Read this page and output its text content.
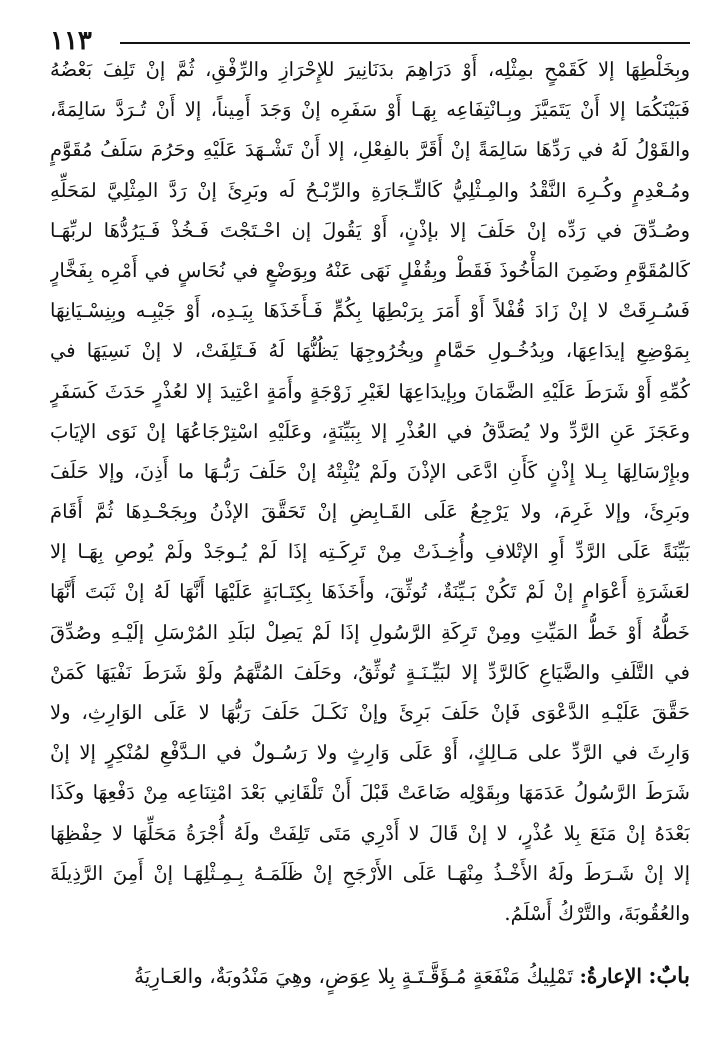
١١٣
وبِخَلْطِهَا إلا كَقَمْحٍ بمِثْلِه، أَوْ دَرَاهِمَ بدَنَانِيرَ للإِحْرَازِ والرِّفْقِ، ثُمَّ إنْ تَلِفَ بَعْضُهُ
فَبَيْنَكُمَا إلا أَنْ يَتَمَيَّزَ وبِـانْتِفَاعِه بِهَـا أَوْ سَفَرِه إنْ وَجَدَ أَمِيناً، إلا أَنْ تُـرَدَّ سَالِمَةً،
والقَوْلُ لَهُ في رَدِّهَا سَالِمَةً إنْ أَقَرَّ بالفِعْلِ، إلا أَنْ تَشْـهَدَ عَلَيْهِ وحَرُمَ سَلَفُ مُقَوَّمٍ
ومُـعْدِمٍ وكُـرِهَ النَّقْدُ والمِـثْلِيُّ كَالتِّـجَارَةِ والرِّبْـحُ لَه وبَرِئَ إنْ رَدَّ المِثْلِيَّ لمَحَلِّهِ
وصُـدِّقَ في رَدِّه إنْ حَلَفَ إلا بإذْنٍ، أَوْ يَقُولَ إن احْـتَجْتَ فَـخُذْ فَـيَرُدُّهَا لربِّهَـا
كَالمُقَوَّمِ وضَمِنَ المَأْخُوذَ فَقَطْ وبِقُفْلٍ نَهَى عَنْهُ وبِوَضْعٍ في نُحَاسٍ في أَمْرِه بِفَخَّارٍ
فَسُـرِقَتْ لا إنْ زَادَ قُفْلاً أَوْ أَمَرَ بِرَبْطِهَا بِكُمٍّ فَـأَخَذَهَا بِيَـدِه، أَوْ جَيْبِـه وبِنِسْـيَانِهَا
بِمَوْضِعِ إيدَاعِهَا، وبِدُخُـولِ حَمَّامٍ وبِخُرُوجِهَا يَظُنُّهَا لَهُ فَـتَلِفَتْ، لا إنْ نَسِيَهَا في
كُمِّهِ أَوْ شَرَطَ عَلَيْهِ الضَّمَانَ وبِإيدَاعِهَا لغَيْرِ زَوْجَةٍ وأَمَةٍ اعْتِيدَ إلا لعُذْرٍ حَدَثَ كَسَفَرٍ
وعَجَزَ عَنِ الرَّدِّ ولا يُصَدَّقُ في العُذْرِ إلا بِبَيِّنَةٍ، وعَلَيْهِ اسْتِرْجَاعُهَا إنْ نَوَى الإيَابَ
وبإِرْسَالِهَا بِـلا إِذْنٍ كَأَنِ ادَّعَى الإذْنَ ولَمْ يُثْبِتْهُ إنْ حَلَفَ رَبُّـهَا ما أَذِنَ، وإلا حَلَفَ
وبَرِئَ، وإلا غَرِمَ، ولا يَرْجِعُ عَلَى القَـابِضِ إنْ تَحَقَّقَ الإذْنُ وبِجَحْـدِهَا ثُمَّ أَقَامَ
بَيِّنَةً عَلَى الرَّدِّ أَوِ الإتْلافِ وأُخِـذَتْ مِنْ تَرِكَـتِه إذَا لَمْ يُـوجَدْ ولَمْ يُوصِ بِهَـا إلا
لعَشَرَةِ أَعْوَامٍ إنْ لَمْ تَكُنْ بَـيِّنَةٌ، تُوثِّقَ، وأَخَذَهَا بِكِتَـابَةٍ عَلَيْهَا أَنَّهَا لَهُ إنْ ثَبَتَ أَنَّهَا
خَطُّهُ أَوْ خَطُّ المَيِّتِ ومِنْ تَرِكَةِ الرَّسُولِ إذَا لَمْ يَصِلْ لبَلَدِ المُرْسَلِ إلَيْـهِ وصُدِّقَ
في التَّلَفِ والضَّيَاعِ كَالرَّدِّ إلا لبَيِّـنَـةٍ تُوثِّقُ، وحَلَفَ المُتَّهَمُ ولَوْ شَرَطَ نَفْيَهَا كَمَنْ
حَقَّقَ عَلَيْـهِ الدَّعْوَى فَإنْ حَلَفَ بَرِئَ وإنْ نَكَـلَ حَلَفَ رَبُّهَا لا عَلَى الوَارِثِ، ولا
وَارِثَ في الرَّدِّ على مَـالِكٍ، أَوْ عَلَى وَارِثٍ ولا رَسُـولٌ في الـدَّفْعِ لمُنْكِرٍ إلا إنْ
شَرَطَ الرَّسُولُ عَدَمَهَا وبِقَوْلِه ضَاعَتْ قَبْلَ أَنْ تَلْقَانِي بَعْدَ امْتِنَاعِه مِنْ دَفْعِهَا وكَذَا
بَعْدَهُ إنْ مَنَعَ بِلا عُذْرٍ، لا إنْ قَالَ لا أَدْرِي مَتَى تَلِفَتْ ولَهُ أُجْرَةُ مَحَلِّهَا لا حِفْظِهَا
إلا إنْ شَـرَطَ ولَهُ الأَخْـذُ مِنْهَـا عَلَى الأَرْجَحِ إنْ ظَلَمَـهُ بِـمِـثْلِهَـا إنْ أَمِنَ الرَّذِيلَةَ
والعُقُوبَةَ، والتَّرْكُ أَسْلَمُ.
بابٌ: الإعارةُ: تَمْلِيكُ مَنْفَعَةٍ مُـؤَقَّـتَـةٍ بِلا عِوَضٍ، وهِيَ مَنْدُوبَةٌ، والعَـارِيَةُ
